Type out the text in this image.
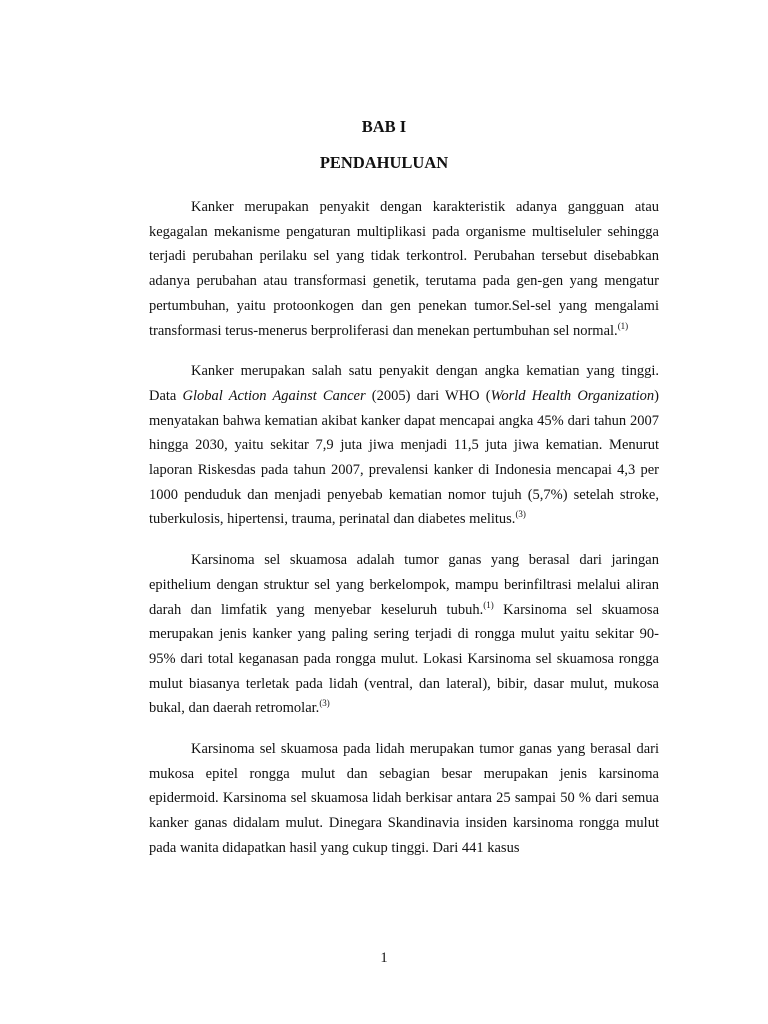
BAB I
PENDAHULUAN

Kanker merupakan penyakit dengan karakteristik adanya gangguan atau kegagalan mekanisme pengaturan multiplikasi pada organisme multiseluler sehingga terjadi perubahan perilaku sel yang tidak terkontrol. Perubahan tersebut disebabkan adanya perubahan atau transformasi genetik, terutama pada gen-gen yang mengatur pertumbuhan, yaitu protoonkogen dan gen penekan tumor.Sel-sel yang mengalami transformasi terus-menerus berproliferasi dan menekan pertumbuhan sel normal.$^{(1)}$

Kanker merupakan salah satu penyakit dengan angka kematian yang tinggi. Data Global Action Against Cancer (2005) dari WHO (World Health Organization) menyatakan bahwa kematian akibat kanker dapat mencapai angka 45% dari tahun 2007 hingga 2030, yaitu sekitar 7,9 juta jiwa menjadi 11,5 juta jiwa kematian. Menurut laporan Riskesdas pada tahun 2007, prevalensi kanker di Indonesia mencapai 4,3 per 1000 penduduk dan menjadi penyebab kematian nomor tujuh (5,7%) setelah stroke, tuberkulosis, hipertensi, trauma, perinatal dan diabetes melitus.$^{(3)}$

Karsinoma sel skuamosa adalah tumor ganas yang berasal dari jaringan epithelium dengan struktur sel yang berkelompok, mampu berinfiltrasi melalui aliran darah dan limfatik yang menyebar keseluruh tubuh.$^{(1)}$ Karsinoma sel skuamosa merupakan jenis kanker yang paling sering terjadi di rongga mulut yaitu sekitar 90-95% dari total keganasan pada rongga mulut. Lokasi Karsinoma sel skuamosa rongga mulut biasanya terletak pada lidah (ventral, dan lateral), bibir, dasar mulut, mukosa bukal, dan daerah retromolar.$^{(3)}$

Karsinoma sel skuamosa pada lidah merupakan tumor ganas yang berasal dari mukosa epitel rongga mulut dan sebagian besar merupakan jenis karsinoma epidermoid. Karsinoma sel skuamosa lidah berkisar antara 25 sampai 50 % dari semua kanker ganas didalam mulut. Dinegara Skandinavia insiden karsinoma rongga mulut pada wanita didapatkan hasil yang cukup tinggi. Dari 441 kasus

1
